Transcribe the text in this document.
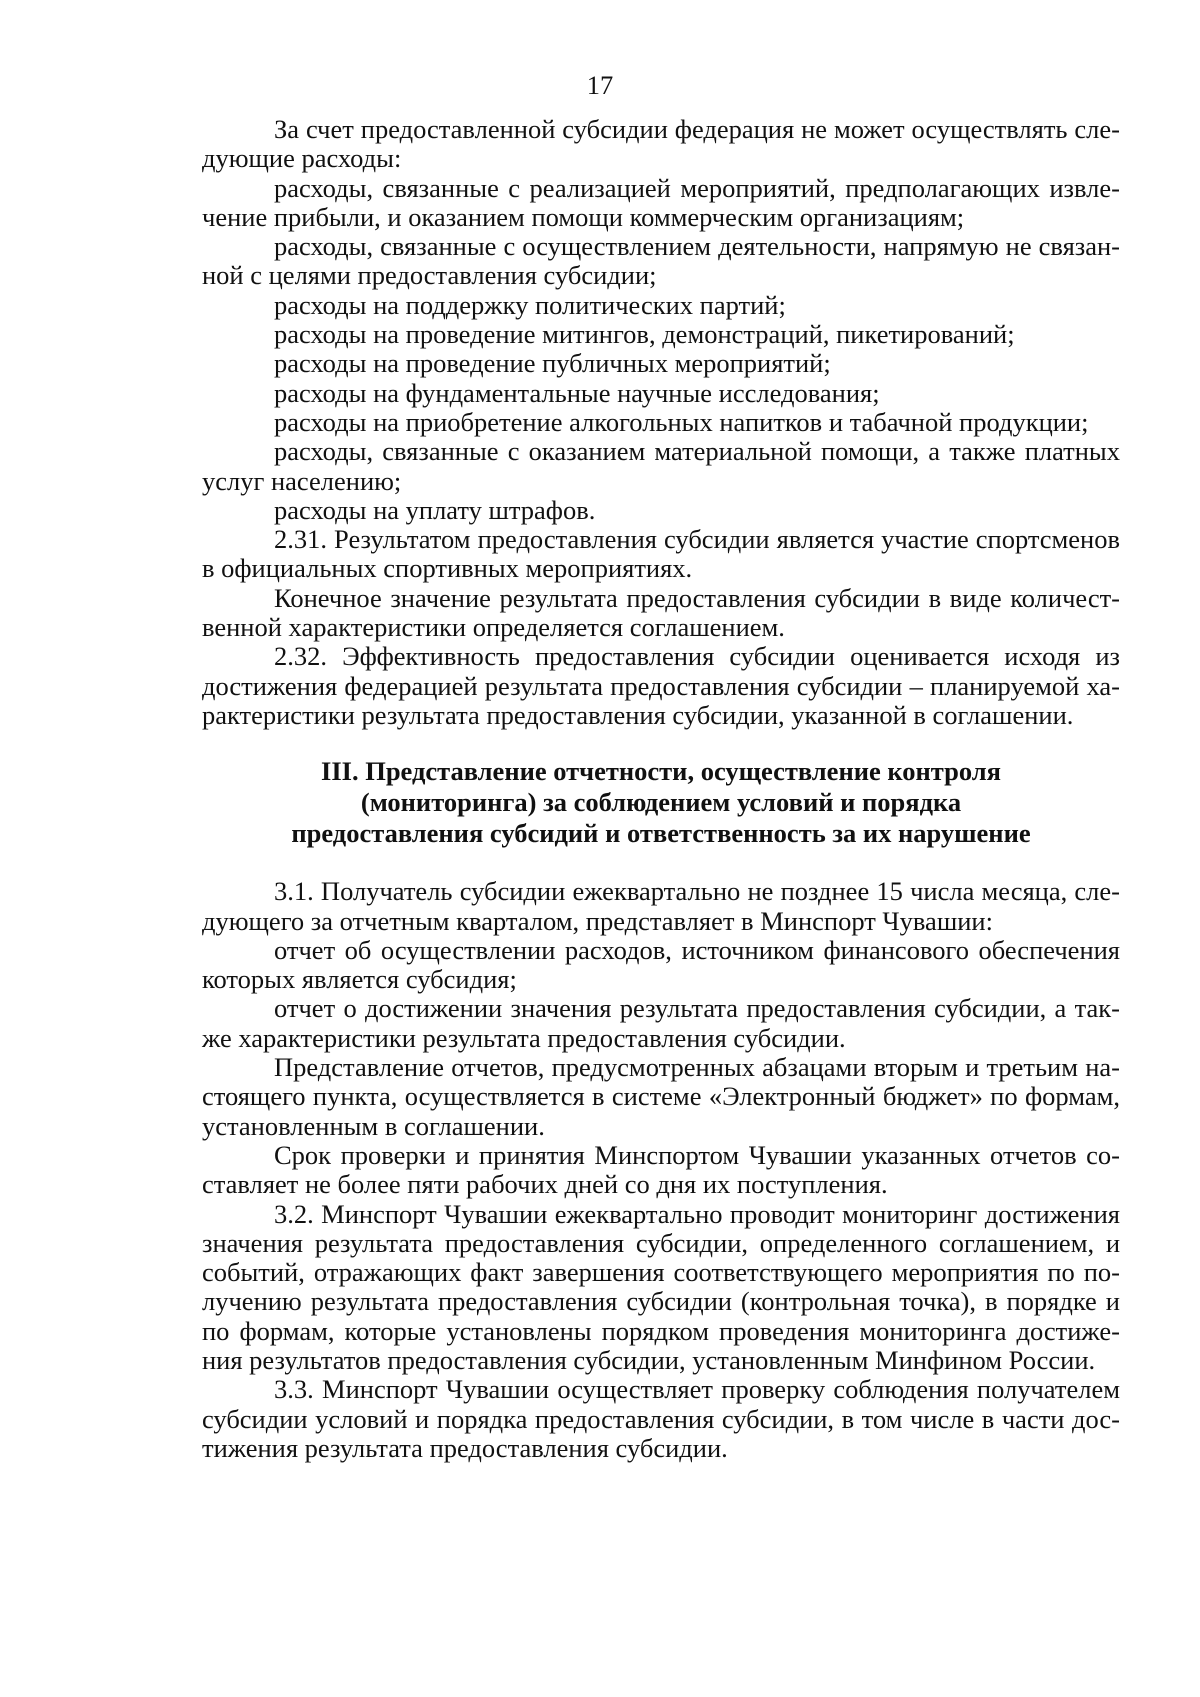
17

За счет предоставленной субсидии федерация не может осуществлять следующие расходы:

расходы, связанные с реализацией мероприятий, предполагающих извлечение прибыли, и оказанием помощи коммерческим организациям;

расходы, связанные с осуществлением деятельности, напрямую не связанной с целями предоставления субсидии;

расходы на поддержку политических партий;

расходы на проведение митингов, демонстраций, пикетирований;

расходы на проведение публичных мероприятий;

расходы на фундаментальные научные исследования;

расходы на приобретение алкогольных напитков и табачной продукции;

расходы, связанные с оказанием материальной помощи, а также платных услуг населению;

расходы на уплату штрафов.

2.31. Результатом предоставления субсидии является участие спортсменов в официальных спортивных мероприятиях.

Конечное значение результата предоставления субсидии в виде количественной характеристики определяется соглашением.

2.32. Эффективность предоставления субсидии оценивается исходя из достижения федерацией результата предоставления субсидии – планируемой характеристики результата предоставления субсидии, указанной в соглашении.

III. Представление отчетности, осуществление контроля
(мониторинга) за соблюдением условий и порядка
предоставления субсидий и ответственность за их нарушение

3.1. Получатель субсидии ежеквартально не позднее 15 числа месяца, следующего за отчетным кварталом, представляет в Минспорт Чувашии:

отчет об осуществлении расходов, источником финансового обеспечения которых является субсидия;

отчет о достижении значения результата предоставления субсидии, а также характеристики результата предоставления субсидии.

Представление отчетов, предусмотренных абзацами вторым и третьим настоящего пункта, осуществляется в системе «Электронный бюджет» по формам, установленным в соглашении.

Срок проверки и принятия Минспортом Чувашии указанных отчетов составляет не более пяти рабочих дней со дня их поступления.

3.2. Минспорт Чувашии ежеквартально проводит мониторинг достижения значения результата предоставления субсидии, определенного соглашением, и событий, отражающих факт завершения соответствующего мероприятия по получению результата предоставления субсидии (контрольная точка), в порядке и по формам, которые установлены порядком проведения мониторинга достижения результатов предоставления субсидии, установленным Минфином России.

3.3. Минспорт Чувашии осуществляет проверку соблюдения получателем субсидии условий и порядка предоставления субсидии, в том числе в части достижения результата предоставления субсидии.
